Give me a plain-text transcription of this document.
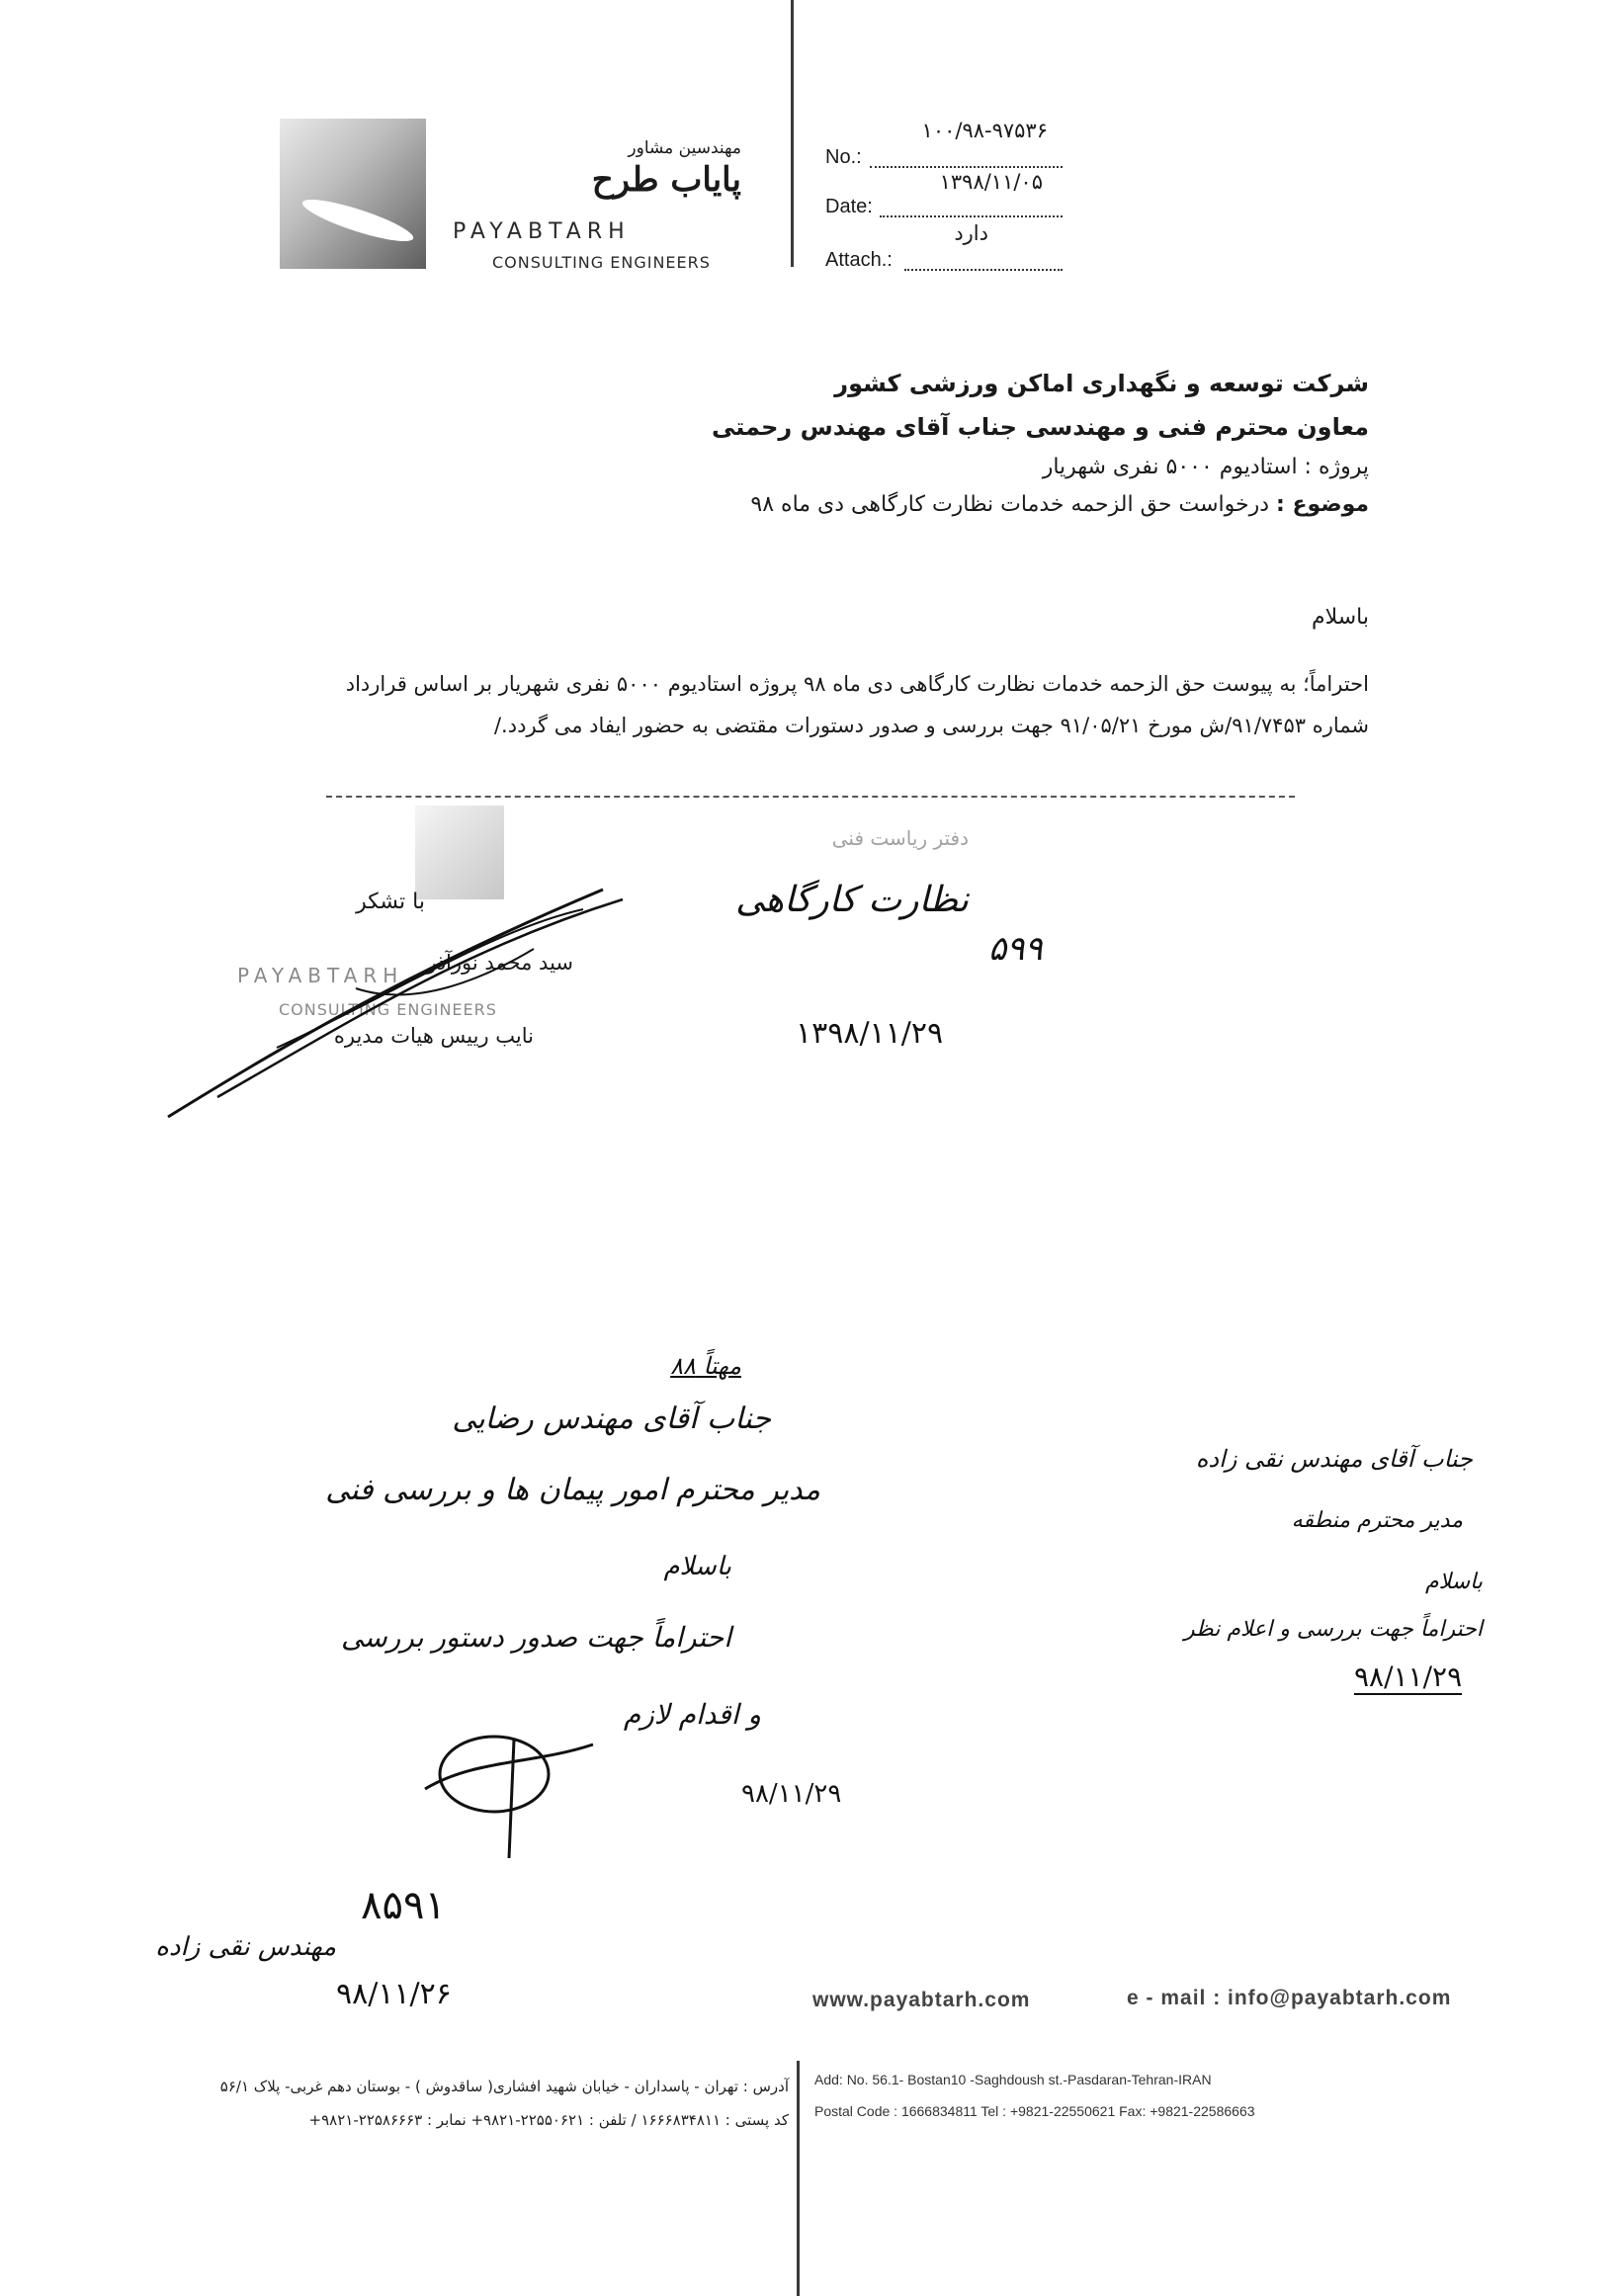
مهندسین مشاور
پایاب طرح
PAYABTARH
CONSULTING ENGINEERS
۱۰۰/۹۸-۹۷۵۳۶
No.:
۱۳۹۸/۱۱/۰۵
Date:
دارد
Attach.:
شرکت توسعه و نگهداری اماکن ورزشی کشور
معاون محترم فنی و مهندسی جناب آقای مهندس رحمتی
پروژه : استادیوم ۵۰۰۰ نفری شهریار
موضوع : درخواست حق الزحمه خدمات نظارت کارگاهی دی ماه ۹۸
باسلام
احتراماً؛ به پیوست حق الزحمه خدمات نظارت کارگاهی دی ماه ۹۸ پروژه استادیوم ۵۰۰۰ نفری شهریار بر اساس قرارداد
شماره ۹۱/۷۴۵۳/ش مورخ ۹۱/۰۵/۲۱ جهت بررسی و صدور دستورات مقتضی به حضور ایفاد می گردد./
با تشکر
PAYABTARH
سید محمد نورآذر
CONSULTING ENGINEERS
نایب رییس هیات مدیره
دفتر ریاست فنی
نظارت کارگاهی
۵۹۹
۱۳۹۸/۱۱/۲۹
مهتاً ۸۸
جناب آقای مهندس رضایی
مدیر محترم امور پیمان ها و بررسی فنی
باسلام
احتراماً جهت صدور دستور بررسی
و اقدام لازم
۹۸/۱۱/۲۹
مهندس نقی زاده
۸۵۹۱
۹۸/۱۱/۲۶
جناب آقای مهندس نقی زاده
مدیر محترم منطقه
باسلام
احتراماً جهت بررسی و اعلام نظر
۹۸/۱۱/۲۹
www.payabtarh.com	e - mail : info@payabtarh.com
آدرس : تهران - پاسداران - خیابان شهید افشاری( ساقدوش ) - بوستان دهم غربی- پلاک ۵۶/۱
کد پستی : ۱۶۶۶۸۳۴۸۱۱ / تلفن : ۲۲۵۵۰۶۲۱-۹۸۲۱+ نمابر : ۲۲۵۸۶۶۶۳-۹۸۲۱+
Add: No. 56.1- Bostan10 -Saghdoush st.-Pasdaran-Tehran-IRAN
Postal Code : 1666834811 Tel : +9821-22550621 Fax: +9821-22586663
